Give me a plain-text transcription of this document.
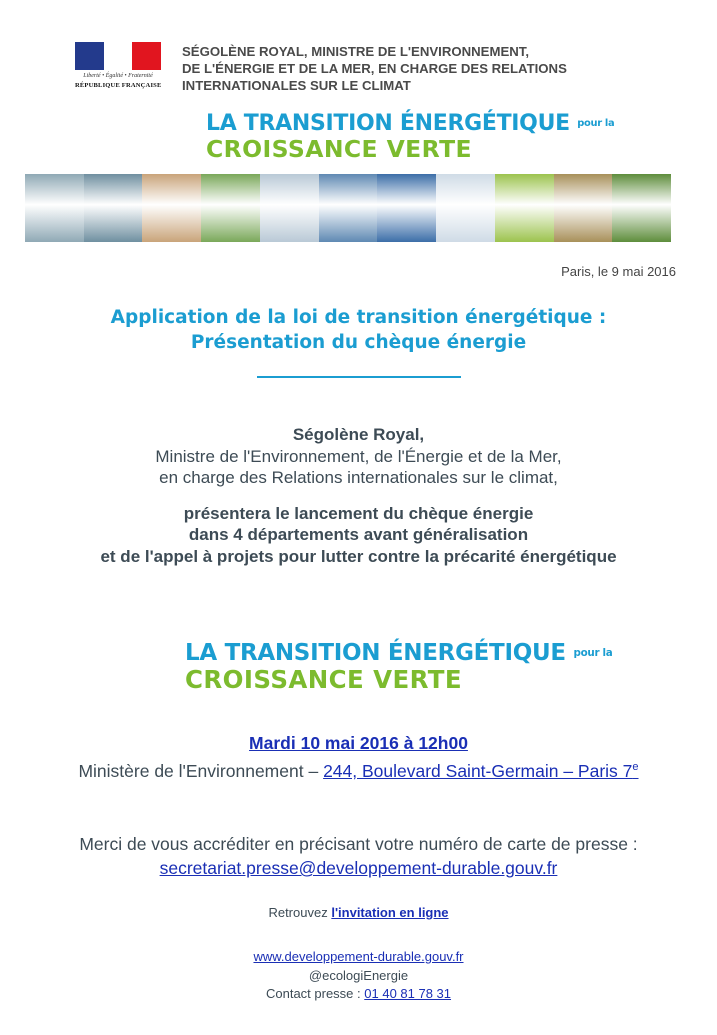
Liberté • Égalité • Fraternité
RÉPUBLIQUE FRANÇAISE
SÉGOLÈNE ROYAL, MINISTRE DE L'ENVIRONNEMENT,
DE L'ÉNERGIE ET DE LA MER, EN CHARGE DES RELATIONS
INTERNATIONALES SUR LE CLIMAT
LA TRANSITION ÉNERGÉTIQUE pour la
CROISSANCE VERTE
Paris, le 9 mai 2016
Application de la loi de transition énergétique :
Présentation du chèque énergie
Ségolène Royal,
Ministre de l'Environnement, de l'Énergie et de la Mer,
en charge des Relations internationales sur le climat,
présentera le lancement du chèque énergie
dans 4 départements avant généralisation
et de l'appel à projets pour lutter contre la précarité énergétique
LA TRANSITION ÉNERGÉTIQUE pour la
CROISSANCE VERTE
Mardi 10 mai 2016 à 12h00
Ministère de l'Environnement – 244, Boulevard Saint-Germain – Paris 7e
Merci de vous accréditer en précisant votre numéro de carte de presse :
secretariat.presse@developpement-durable.gouv.fr
Retrouvez l'invitation en ligne
www.developpement-durable.gouv.fr
@ecologiEnergie
Contact presse : 01 40 81 78 31
